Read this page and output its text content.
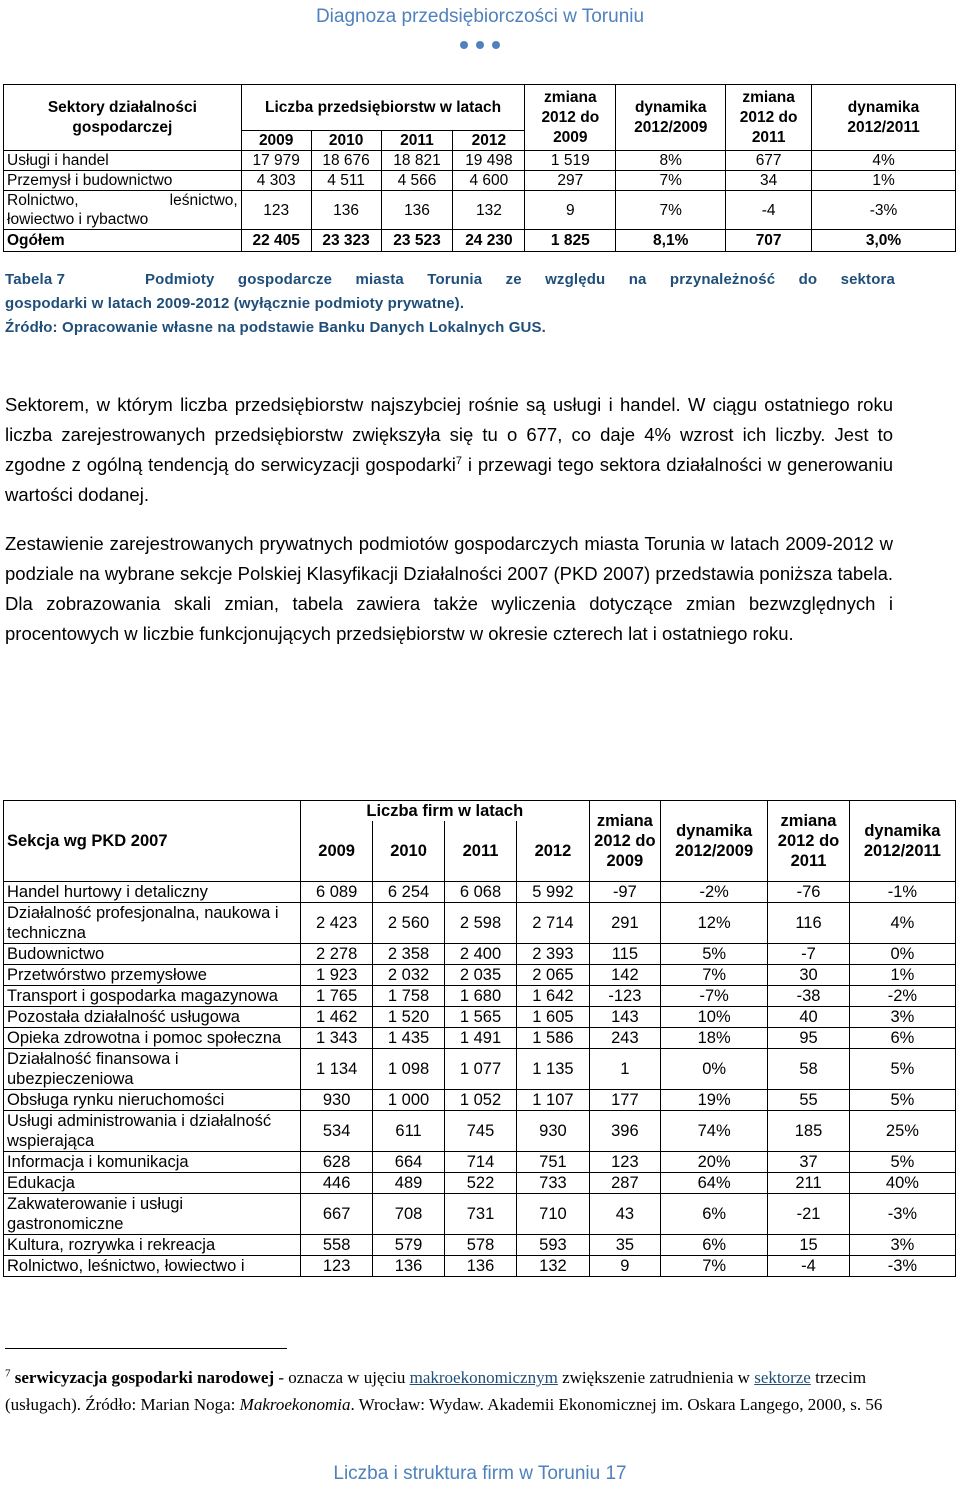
Diagnoza przedsiębiorczości w Toruniu
Sektory działalności gospodarczej	Liczba przedsiębiorstw w latach				zmiana 2012 do 2009	dynamika 2012/2009	zmiana 2012 do 2011	dynamika 2012/2011
	2009	2010	2011	2012				
Usługi i handel	17 979	18 676	18 821	19 498	1 519	8%	677	4%
Przemysł i budownictwo	4 303	4 511	4 566	4 600	297	7%	34	1%

Rolnictwo, leśnictwo,
łowiectwo i rybactwo	123	136	136	132	9	7%	-4	-3%
Ogółem	22 405	23 323	23 523	24 230	1 825	8,1%	707	3,0%
Tabela 7	Podmioty gospodarcze miasta Torunia ze względu na przynależność do sektora
gospodarki w latach 2009-2012 (wyłącznie podmioty prywatne).
Źródło: Opracowanie własne na podstawie Banku Danych Lokalnych GUS.

Sektorem, w którym liczba przedsiębiorstw najszybciej rośnie są usługi i handel. W ciągu ostatniego roku liczba zarejestrowanych przedsiębiorstw zwiększyła się tu o 677, co daje 4% wzrost ich liczby. Jest to zgodne z ogólną tendencją do serwicyzacji gospodarki$^7$ i przewagi tego sektora działalności w generowaniu wartości dodanej.

Zestawienie zarejestrowanych prywatnych podmiotów gospodarczych miasta Torunia w latach 2009-2012 w podziale na wybrane sekcje Polskiej Klasyfikacji Działalności 2007 (PKD 2007) przedstawia poniższa tabela. Dla zobrazowania skali zmian, tabela zawiera także wyliczenia dotyczące zmian bezwzględnych i procentowych w liczbie funkcjonujących przedsiębiorstw w okresie czterech lat i ostatniego roku.

Sekcja wg PKD 2007	Liczba firm w latach				zmiana 2012 do 2009	dynamika 2012/2009	zmiana 2012 do 2011	dynamika 2012/2011
	2009	2010	2011	2012				
Handel hurtowy i detaliczny	6 089	6 254	6 068	5 992	-97	-2%	-76	-1%
Działalność profesjonalna, naukowa i techniczna	2 423	2 560	2 598	2 714	291	12%	116	4%
Budownictwo	2 278	2 358	2 400	2 393	115	5%	-7	0%
Przetwórstwo przemysłowe	1 923	2 032	2 035	2 065	142	7%	30	1%
Transport i gospodarka magazynowa	1 765	1 758	1 680	1 642	-123	-7%	-38	-2%
Pozostała działalność usługowa	1 462	1 520	1 565	1 605	143	10%	40	3%
Opieka zdrowotna i pomoc społeczna	1 343	1 435	1 491	1 586	243	18%	95	6%
Działalność finansowa i ubezpieczeniowa	1 134	1 098	1 077	1 135	1	0%	58	5%
Obsługa rynku nieruchomości	930	1 000	1 052	1 107	177	19%	55	5%
Usługi administrowania i działalność wspierająca	534	611	745	930	396	74%	185	25%
Informacja i komunikacja	628	664	714	751	123	20%	37	5%
Edukacja	446	489	522	733	287	64%	211	40%
Zakwaterowanie i usługi gastronomiczne	667	708	731	710	43	6%	-21	-3%
Kultura, rozrywka i rekreacja	558	579	578	593	35	6%	15	3%
Rolnictwo, leśnictwo, łowiectwo i	123	136	136	132	9	7%	-4	-3%
$^7$ serwicyzacja gospodarki narodowej - oznacza w ujęciu makroekonomicznym zwiększenie zatrudnienia w sektorze trzecim (usługach). Źródło: Marian Noga: Makroekonomia. Wrocław: Wydaw. Akademii Ekonomicznej im. Oskara Langego, 2000, s. 56
Liczba i struktura firm w Toruniu 17
